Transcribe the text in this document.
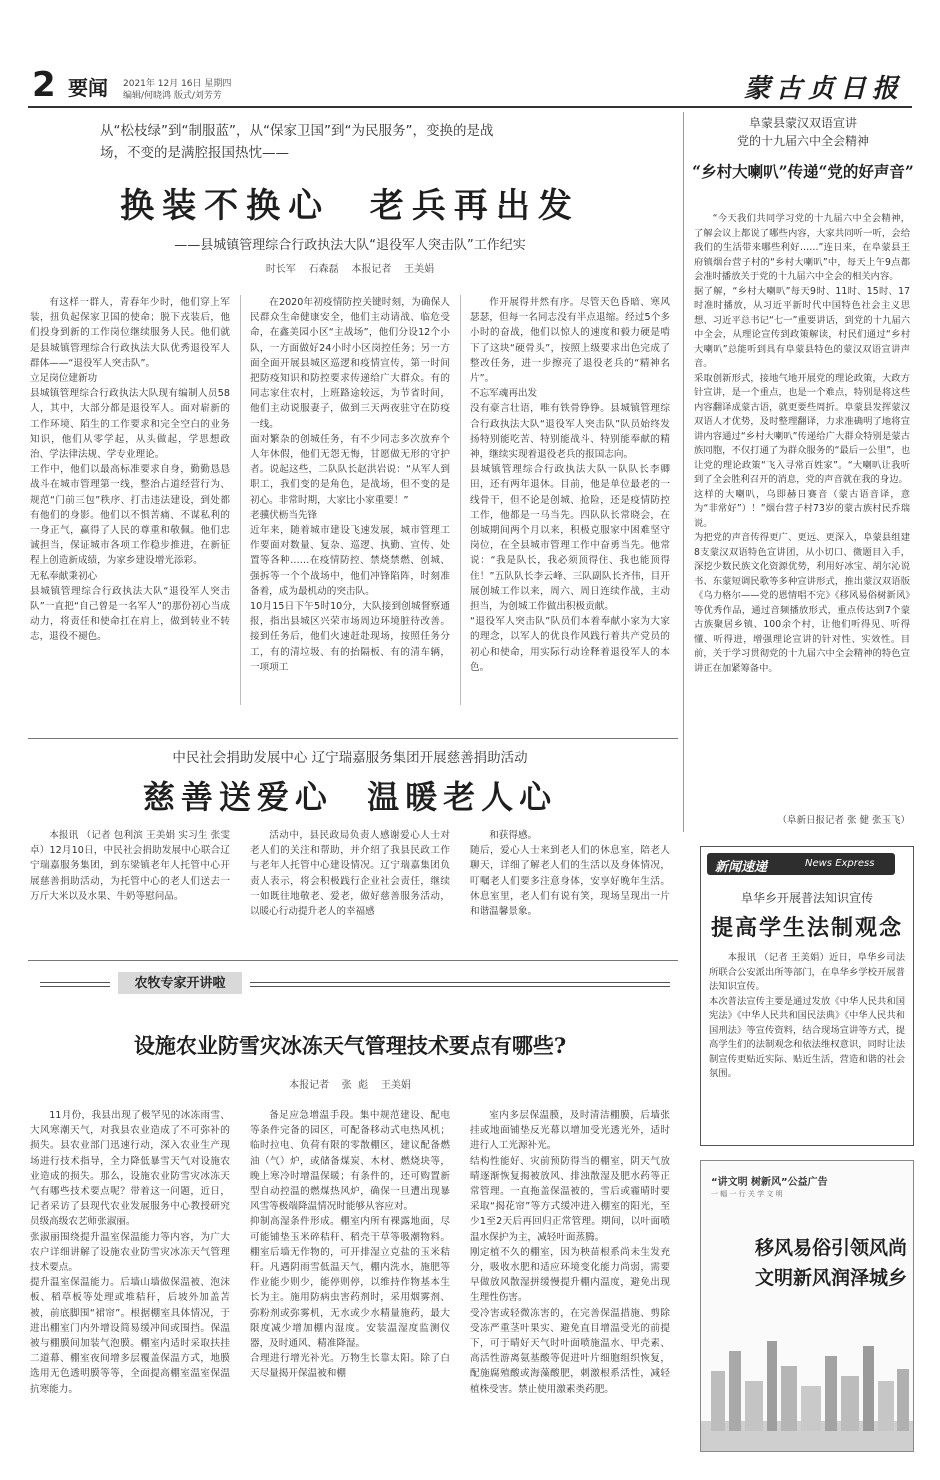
2 要闻 2021年 12月 16日 星期四
编辑/何晓鸿 版式/刘芳芳	蒙古贞日报
从“松枝绿”到“制服蓝”，从“保家卫国”到“为民服务”，变换的是战
场，不变的是满腔报国热忱——
换装不换心  老兵再出发
——县城镇管理综合行政执法大队“退役军人突击队”工作纪实
时长军    石森磊    本报记者    王美娟

有这样一群人，青春年少时，他们穿上军装，扭负起保家卫国的使命；脱下戎装后，他们投身到新的工作岗位继续服务人民。他们就是县城镇管理综合行政执法大队优秀退役军人群体——“退役军人突击队”。
立足岗位建新功
县城镇管理综合行政执法大队现有编制人员58人，其中，大部分都是退役军人。面对崭新的工作环境、陌生的工作要求和完全空白的业务知识，他们从零学起，从头做起，学思想政治、学法律法规、学专业理论。
工作中，他们以最高标准要求自身，勤勤恳恳战斗在城市管理第一线，整治占道经营行为、规范“门前三包”秩序、打击违法建设，到处都有他们的身影。他们以不惧苦痛、不谋私利的一身正气，赢得了人民的尊重和敬佩。他们忠诚担当，保证城市各项工作稳步推进，在新征程上创造新成绩，为家乡建设增光添彩。
无私奉献秉初心
县城镇管理综合行政执法大队“退役军人突击队”一直把“自己曾是一名军人”的那份初心当成动力，将责任和使命扛在肩上，做到转业不转志，退役不褪色。

在2020年初疫情防控关键时刻，为确保人民群众生命健康安全，他们主动请战、临危受命，在鑫美园小区“主战场”，他们分设12个小队，一方面做好24小时小区岗控任务；另一方面全面开展县城区巡逻和疫情宣传，第一时间把防疫知识和防控要求传递给广大群众。有的同志家住农村，上班路途较远，为节省时间，他们主动说服妻子，做到三天两夜驻守在防疫一线。
面对繁杂的创城任务，有不少同志多次放弃个人年休假，他们无怨无悔，甘愿做无形的守护者。说起这些，二队队长赵洪岩说：“从军人到职工，我们变的是角色，是战场，但不变的是初心。非常时期，大家比小家重要！”
老骥伏枥当先锋
近年来，随着城市建设飞速发展，城市管理工作要面对数量、复杂、巡逻、执勤、宣传、处置等各种……在疫情防控、禁烧禁燃、创城、强拆等一个个战场中，他们冲锋陷阵，时刻准备着，成为最机动的突击队。
10月15日下午5时10分，大队接到创城督察通报，指出县城区兴荣市场周边环境脏待改善。接到任务后，他们火速赶赴现场，按照任务分工，有的清垃圾、有的抬隔板、有的清车辆，一项项工

作开展得井然有序。尽管天色昏暗、寒风瑟瑟，但每一名同志没有半点退缩。经过5个多小时的奋战，他们以惊人的速度和毅力硬是啃下了这块“硬骨头”，按照上级要求出色完成了整改任务，进一步擦亮了退役老兵的“精神名片”。
不忘军魂再出发
没有豪言壮语，唯有铁骨铮铮。县城镇管理综合行政执法大队“退役军人突击队”队员始终发扬特别能吃苦、特别能战斗、特别能奉献的精神，继续实现着退役老兵的报国志向。
县城镇管理综合行政执法大队一队队长李卿田，还有两年退休。目前，他是单位最老的一线骨干，但不论是创城、抢险，还是疫情防控工作，他都是一马当先。四队队长常晓会，在创城期间两个月以来，积极克服家中困难坚守岗位，在全县城市管理工作中奋勇当先。他常说：“我是队长，我必须顶得住、我也能顶得住！”五队队长李云峰、三队副队长齐伟，目开展创城工作以来，周六、周日连续作战，主动担当，为创城工作做出积极贡献。
“退役军人突击队”队员们本着奉献小家为大家的理念，以军人的优良作风践行着共产党员的初心和使命，用实际行动诠释着退役军人的本色。

阜蒙县蒙汉双语宣讲
党的十九届六中全会精神
“乡村大喇叭”传递“党的好声音”

“今天我们共同学习党的十九届六中全会精神，了解会议上都说了哪些内容，大家共同听一听，会给我们的生活带来哪些利好……”连日来，在阜蒙县王府镇烟台营子村的“乡村大喇叭”中，每天上午9点都会准时播放关于党的十九届六中全会的相关内容。
据了解，“乡村大喇叭”每天9时、11时、15时、17时准时播放，从习近平新时代中国特色社会主义思想、习近平总书记“七一”重要讲话，到党的十九届六中全会，从理论宣传到政策解读，村民们通过“乡村大喇叭”总能听到具有阜蒙县特色的蒙汉双语宣讲声音。
采取创新形式，接地气地开展党的理论政策，大政方针宣讲，是一个重点，也是一个难点，特别是将这些内容翻译成蒙古语，就更要些周折。阜蒙县发挥蒙汉双语人才优势，及时整理翻译，力求准确明了地将宣讲内容通过“乡村大喇叭”传递给广大群众特别是蒙古族同胞，不仅打通了为群众服务的“最后一公里”，也让党的理论政策“飞入寻常百姓家”。“大喇叭让我听到了全会胜利召开的消息，党的声音就在我的身边。
这样的大喇叭，乌即赫日赛音（蒙古语音译，意为“非常好”）！”烟台营子村73岁的蒙古族村民乔瑞说。
为把党的声音传得更广、更远、更深入，阜蒙县组建8支蒙汉双语特色宣讲团，从小切口、微题目入手，深挖少数民族文化资源优势，利用好冰宝、胡尔沁说书、东蒙短调民歌等多种宣讲形式，推出蒙汉双语版《乌力格尔——党的恩情唱不完》《移风易俗树新风》等优秀作品，通过音频播放形式，重点传达到7个蒙古族聚居乡镇、100余个村，让他们听得见、听得懂、听得进，增强理论宣讲的针对性、实效性。目前，关于学习贯彻党的十九届六中全会精神的特色宣讲正在加紧筹备中。

（阜新日报记者 张 健 张玉飞）
中民社会捐助发展中心 辽宁瑞嘉服务集团开展慈善捐助活动
慈善送爱心  温暖老人心

本报讯 （记者 包利滨 王美娟 实习生 张雯卓）12月10日，中民社会捐助发展中心联合辽宁瑞嘉服务集团，到东梁镇老年人托管中心开展慈善捐助活动，为托管中心的老人们送去一万斤大米以及水果、牛奶等慰问品。

活动中，县民政局负责人感谢爱心人士对老人们的关注和帮助，并介绍了我县民政工作与老年人托管中心建设情况。辽宁瑞嘉集团负责人表示，将会积极践行企业社会责任，继续一如既往地敬老、爱老，做好慈善服务活动，以暖心行动提升老人的幸福感

和获得感。
随后，爱心人士来到老人们的休息室，陪老人聊天，详细了解老人们的生活以及身体情况，叮嘱老人们要多注意身体，安享好晚年生活。休息室里，老人们有说有笑，现场呈现出一片和谐温馨景象。

新闻速递	News Express
阜华乡开展普法知识宣传
提高学生法制观念

本报讯 （记者 王美娟）近日，阜华乡司法所联合公安派出所等部门，在阜华乡学校开展普法知识宣传。
本次普法宣传主要是通过发放《中华人民共和国宪法》《中华人民共和国民法典》《中华人民共和国刑法》等宣传资料，结合现场宣讲等方式，提高学生们的法制观念和依法维权意识，同时让法制宣传更贴近实际、贴近生活，营造和谐的社会氛围。

农牧专家开讲啦
设施农业防雪灾冰冻天气管理技术要点有哪些?
本报记者    张  彪    王美娟

11月份，我县出现了极罕见的冰冻雨雪、大风寒潮天气，对我县农业造成了不可弥补的损失。县农业部门迅速行动，深入农业生产现场进行技术指导，全力降低暴雪天气对设施农业造成的损失。那么，设施农业防雪灾冰冻天气有哪些技术要点呢？带着这一问题，近日，记者采访了县现代农业发展服务中心教授研究员级高级农艺师张淑丽。
张淑丽围绕提升温室保温能力等内容，为广大农户详细讲解了设施农业防雪灾冰冻天气管理技术要点。
提升温室保温能力。后墙山墙做保温被、泡沫板、稻草板等处理或堆秸秆，后坡外加盖苫被，前底脚围“裙帘”。根据棚室具体情况，于进出棚室门内外增设简易缓冲间或围挡。保温被与棚膜间加装气泡膜。棚室内适时采取扶挂二道幕、棚室夜间增多层覆盖保温方式，地膜选用无色透明膜等等，全面提高棚室温室保温抗寒能力。

备足应急增温手段。集中规范建设、配电等条件完备的园区，可配备移动式电热风机；临时拉电、负荷有限的零散棚区，建议配备燃油（气）炉，或储备煤炭、木材、燃烧块等，晚上寒冷时增温保暖；有条件的，还可购置新型自动控温的燃煤热风炉，确保一旦遭出现暴风雪等极端降温情况时能够从容应对。
抑制高湿条件形成。棚室内所有裸露地面，尽可能铺垫玉米碎秸秆、稻壳干草等吸潮物料。棚室后墙无作物的，可开排湿立克盐的玉米秸秆。凡遇阴雨雪低温天气，棚内洗水，施肥等作业能少则少，能停则停，以维持作物基本生长为主。施用防病虫害药剂时，采用烟雾剂、弥粉剂或弥雾机，无水或少水精量施药，最大限度减少增加棚内湿度。安装温湿度监测仪器，及时通风、精准降湿。
合理进行增光补光。万物生长靠太阳。除了白天尽量揭开保温被和棚

室内多层保温膜，及时清洁棚膜，后墙张挂或地面铺垫反光幕以增加受光透光外，适时进行人工光源补光。
结构性能好、灾前预防得当的棚室，阴天气放晴逐渐恢复揭被放风、排浊散湿及肥水药等正常管理。一直拖盖保温被的，雪后或霾晴时要采取“揭花帘”等方式缓冲进入棚室的阳光，至少1至2天后再回归正常管理。期间，以叶面喷温水保护为主，减轻叶面蒸腾。
刚定植不久的棚室，因为秧苗根系尚未生发充分，吸收水肥和适应环境变化能力尚弱，需要早做放风散湿拼缓慢提升棚内温度，避免出现生理性伤害。
受冷害或轻微冻害的，在完善保温措施、剪除受冻严重茎叶果实、避免直目增温受光的前提下，可于晴好天气时叶面喷施温水、甲壳素、高活性游离氨基酸等促进叶片细胞组织恢复，配施腐殖酸或海藻酸肥，刺激根系活性，减轻植株受害。禁止使用激素类药肥。

“讲文明 树新风”公益广告
一 幅 一 行 关 学 文 明
移风易俗引领风尚
文明新风润泽城乡
